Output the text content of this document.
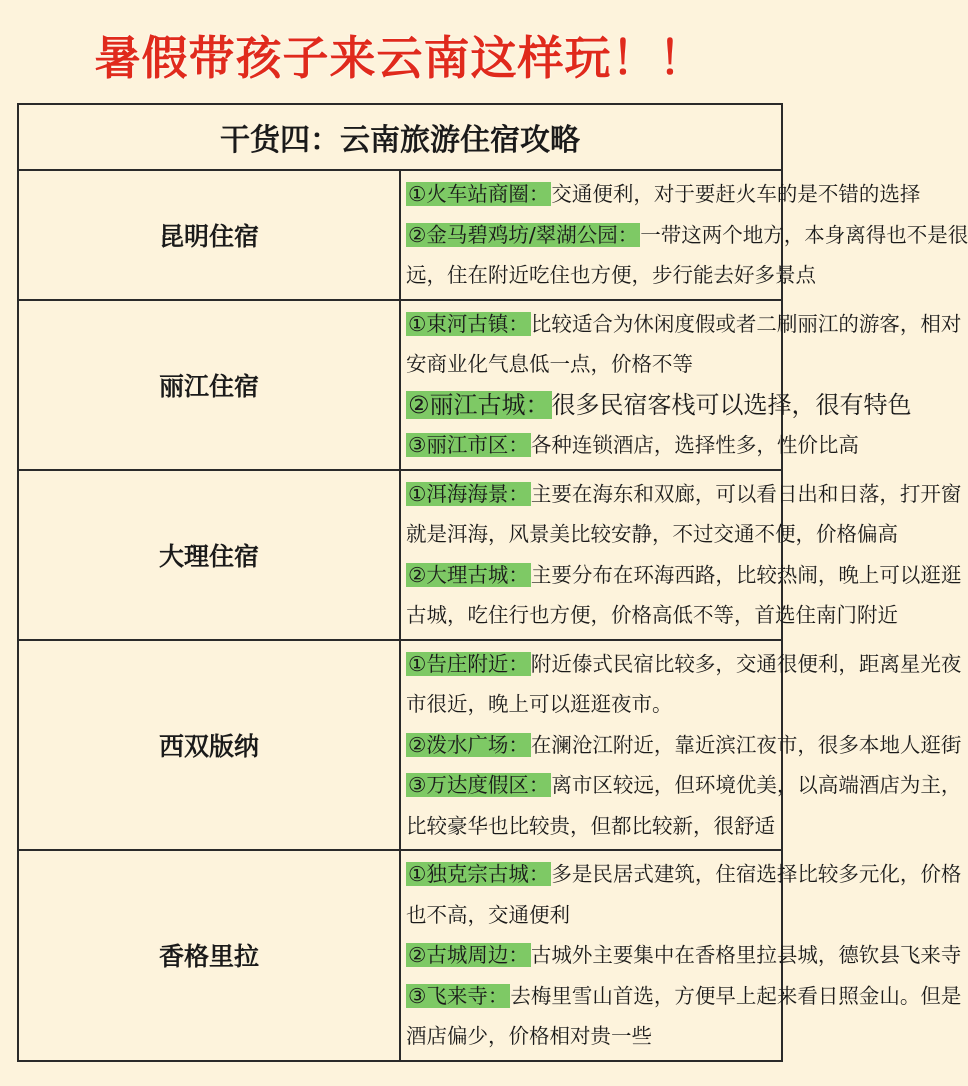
暑假带孩子来云南这样玩！！
干货四：云南旅游住宿攻略	
昆明住宿	①火车站商圈：交通便利，对于要赶火车的是不错的选择
②金马碧鸡坊/翠湖公园：一带这两个地方，本身离得也不是很
远，住在附近吃住也方便，步行能去好多景点

丽江住宿	①束河古镇：比较适合为休闲度假或者二刷丽江的游客，相对
安商业化气息低一点，价格不等
②丽江古城：很多民宿客栈可以选择，很有特色
③丽江市区：各种连锁酒店，选择性多，性价比高

大理住宿	①洱海海景：主要在海东和双廊，可以看日出和日落，打开窗
就是洱海，风景美比较安静，不过交通不便，价格偏高
②大理古城：主要分布在环海西路，比较热闹，晚上可以逛逛
古城，吃住行也方便，价格高低不等，首选住南门附近

西双版纳	①告庄附近：附近傣式民宿比较多，交通很便利，距离星光夜
市很近，晚上可以逛逛夜市。
②泼水广场：在澜沧江附近，靠近滨江夜市，很多本地人逛街
③万达度假区：离市区较远，但环境优美，以高端酒店为主，
比较豪华也比较贵，但都比较新，很舒适

香格里拉	①独克宗古城：多是民居式建筑，住宿选择比较多元化，价格
也不高，交通便利
②古城周边：古城外主要集中在香格里拉县城，德钦县飞来寺
③飞来寺：去梅里雪山首选，方便早上起来看日照金山。但是
酒店偏少，价格相对贵一些
